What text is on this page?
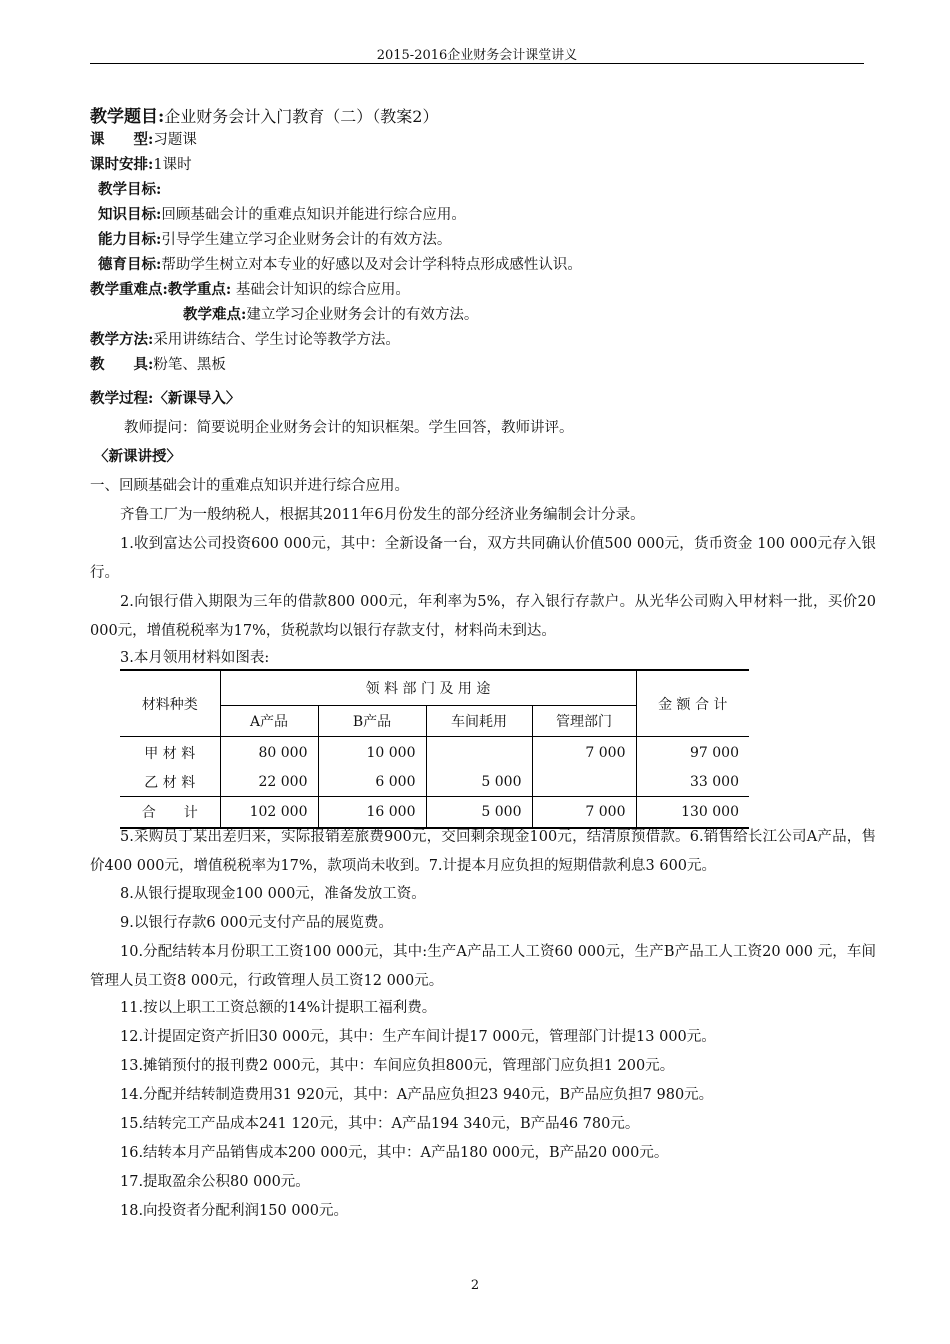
2015-2016企业财务会计课堂讲义
教学题目:企业财务会计入门教育（二）（教案2）
课　　型:习题课
课时安排:1课时
教学目标:
知识目标:回顾基础会计的重难点知识并能进行综合应用。
能力目标:引导学生建立学习企业财务会计的有效方法。
德育目标:帮助学生树立对本专业的好感以及对会计学科特点形成感性认识。
教学重难点:教学重点: 基础会计知识的综合应用。
教学难点:建立学习企业财务会计的有效方法。
教学方法:采用讲练结合、学生讨论等教学方法。
教　　具:粉笔、黑板
教学过程:〈新课导入〉
教师提问：简要说明企业财务会计的知识框架。学生回答，教师讲评。
〈新课讲授〉
一、回顾基础会计的重难点知识并进行综合应用。
齐鲁工厂为一般纳税人，根据其2011年6月份发生的部分经济业务编制会计分录。
1.收到富达公司投资600 000元，其中：全新设备一台，双方共同确认价值500 000元，货币资金 100 000元存入银行。
2.向银行借入期限为三年的借款800 000元，年利率为5%，存入银行存款户。从光华公司购入甲材料一批，买价20 000元，增值税税率为17%，货税款均以银行存款支付，材料尚未到达。
3.本月领用材料如图表:
材料种类	领 料 部 门 及 用 途				金 额 合 计
	A产品	B产品	车间耗用	管理部门	
甲 材 料	80 000	10 000		7 000	97 000
乙 材 料	22 000	6 000	5 000		33 000
合　　计	102 000	16 000	5 000	7 000	130 000
5.采购员丁某出差归来，实际报销差旅费900元，交回剩余现金100元，结清原预借款。6.销售给长江公司A产品，售价400 000元，增值税税率为17%，款项尚未收到。7.计提本月应负担的短期借款利息3 600元。
8.从银行提取现金100 000元，准备发放工资。
9.以银行存款6 000元支付产品的展览费。
10.分配结转本月份职工工资100 000元，其中:生产A产品工人工资60 000元，生产B产品工人工资20 000 元，车间管理人员工资8 000元，行政管理人员工资12 000元。
11.按以上职工工资总额的14%计提职工福利费。
12.计提固定资产折旧30 000元，其中：生产车间计提17 000元，管理部门计提13 000元。
13.摊销预付的报刊费2 000元，其中：车间应负担800元，管理部门应负担1 200元。
14.分配并结转制造费用31 920元，其中：A产品应负担23 940元，B产品应负担7 980元。
15.结转完工产品成本241 120元，其中：A产品194 340元，B产品46 780元。
16.结转本月产品销售成本200 000元，其中：A产品180 000元，B产品20 000元。
17.提取盈余公积80 000元。
18.向投资者分配利润150 000元。
2
